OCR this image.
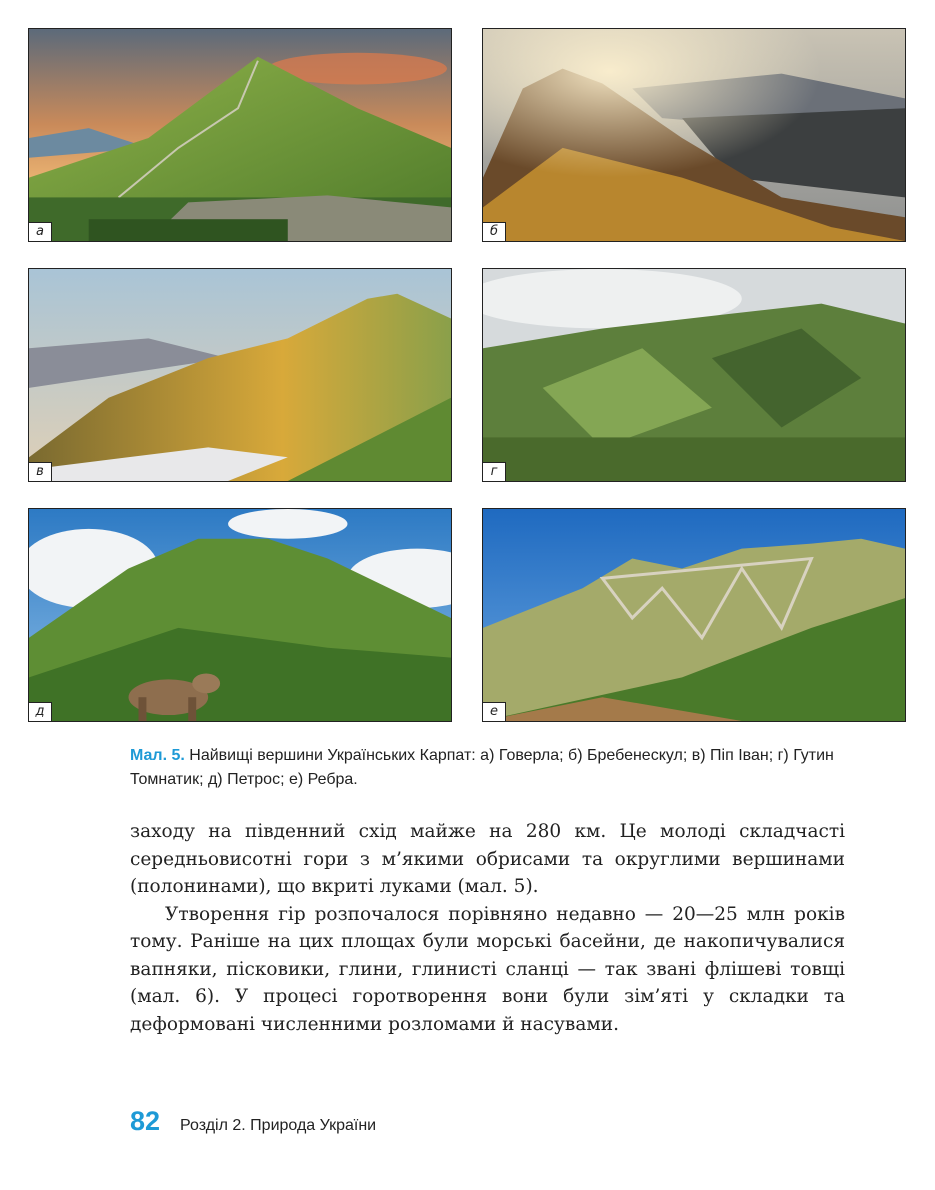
а	б
в	г
д	е
Мал. 5. Найвищі вершини Українських Карпат: а) Говерла; б) Бребенескул; в) Піп Іван; г) Гутин Томнатик; д) Петрос; е) Ребра.

заходу на південний схід майже на 280 км. Це молоді складчасті середньовисотні гори з м’якими обрисами та округлими вершинами (полонинами), що вкриті луками (мал. 5).

Утворення гір розпочалося порівняно недавно — 20—25 млн років тому. Раніше на цих площах були морські басейни, де накопичувалися вапняки, пісковики, глини, глинисті сланці — так звані флішеві товщі (мал. 6). У процесі горотворення вони були зім’яті у складки та деформовані численними розломами й насувами.

82 Розділ 2. Природа України
